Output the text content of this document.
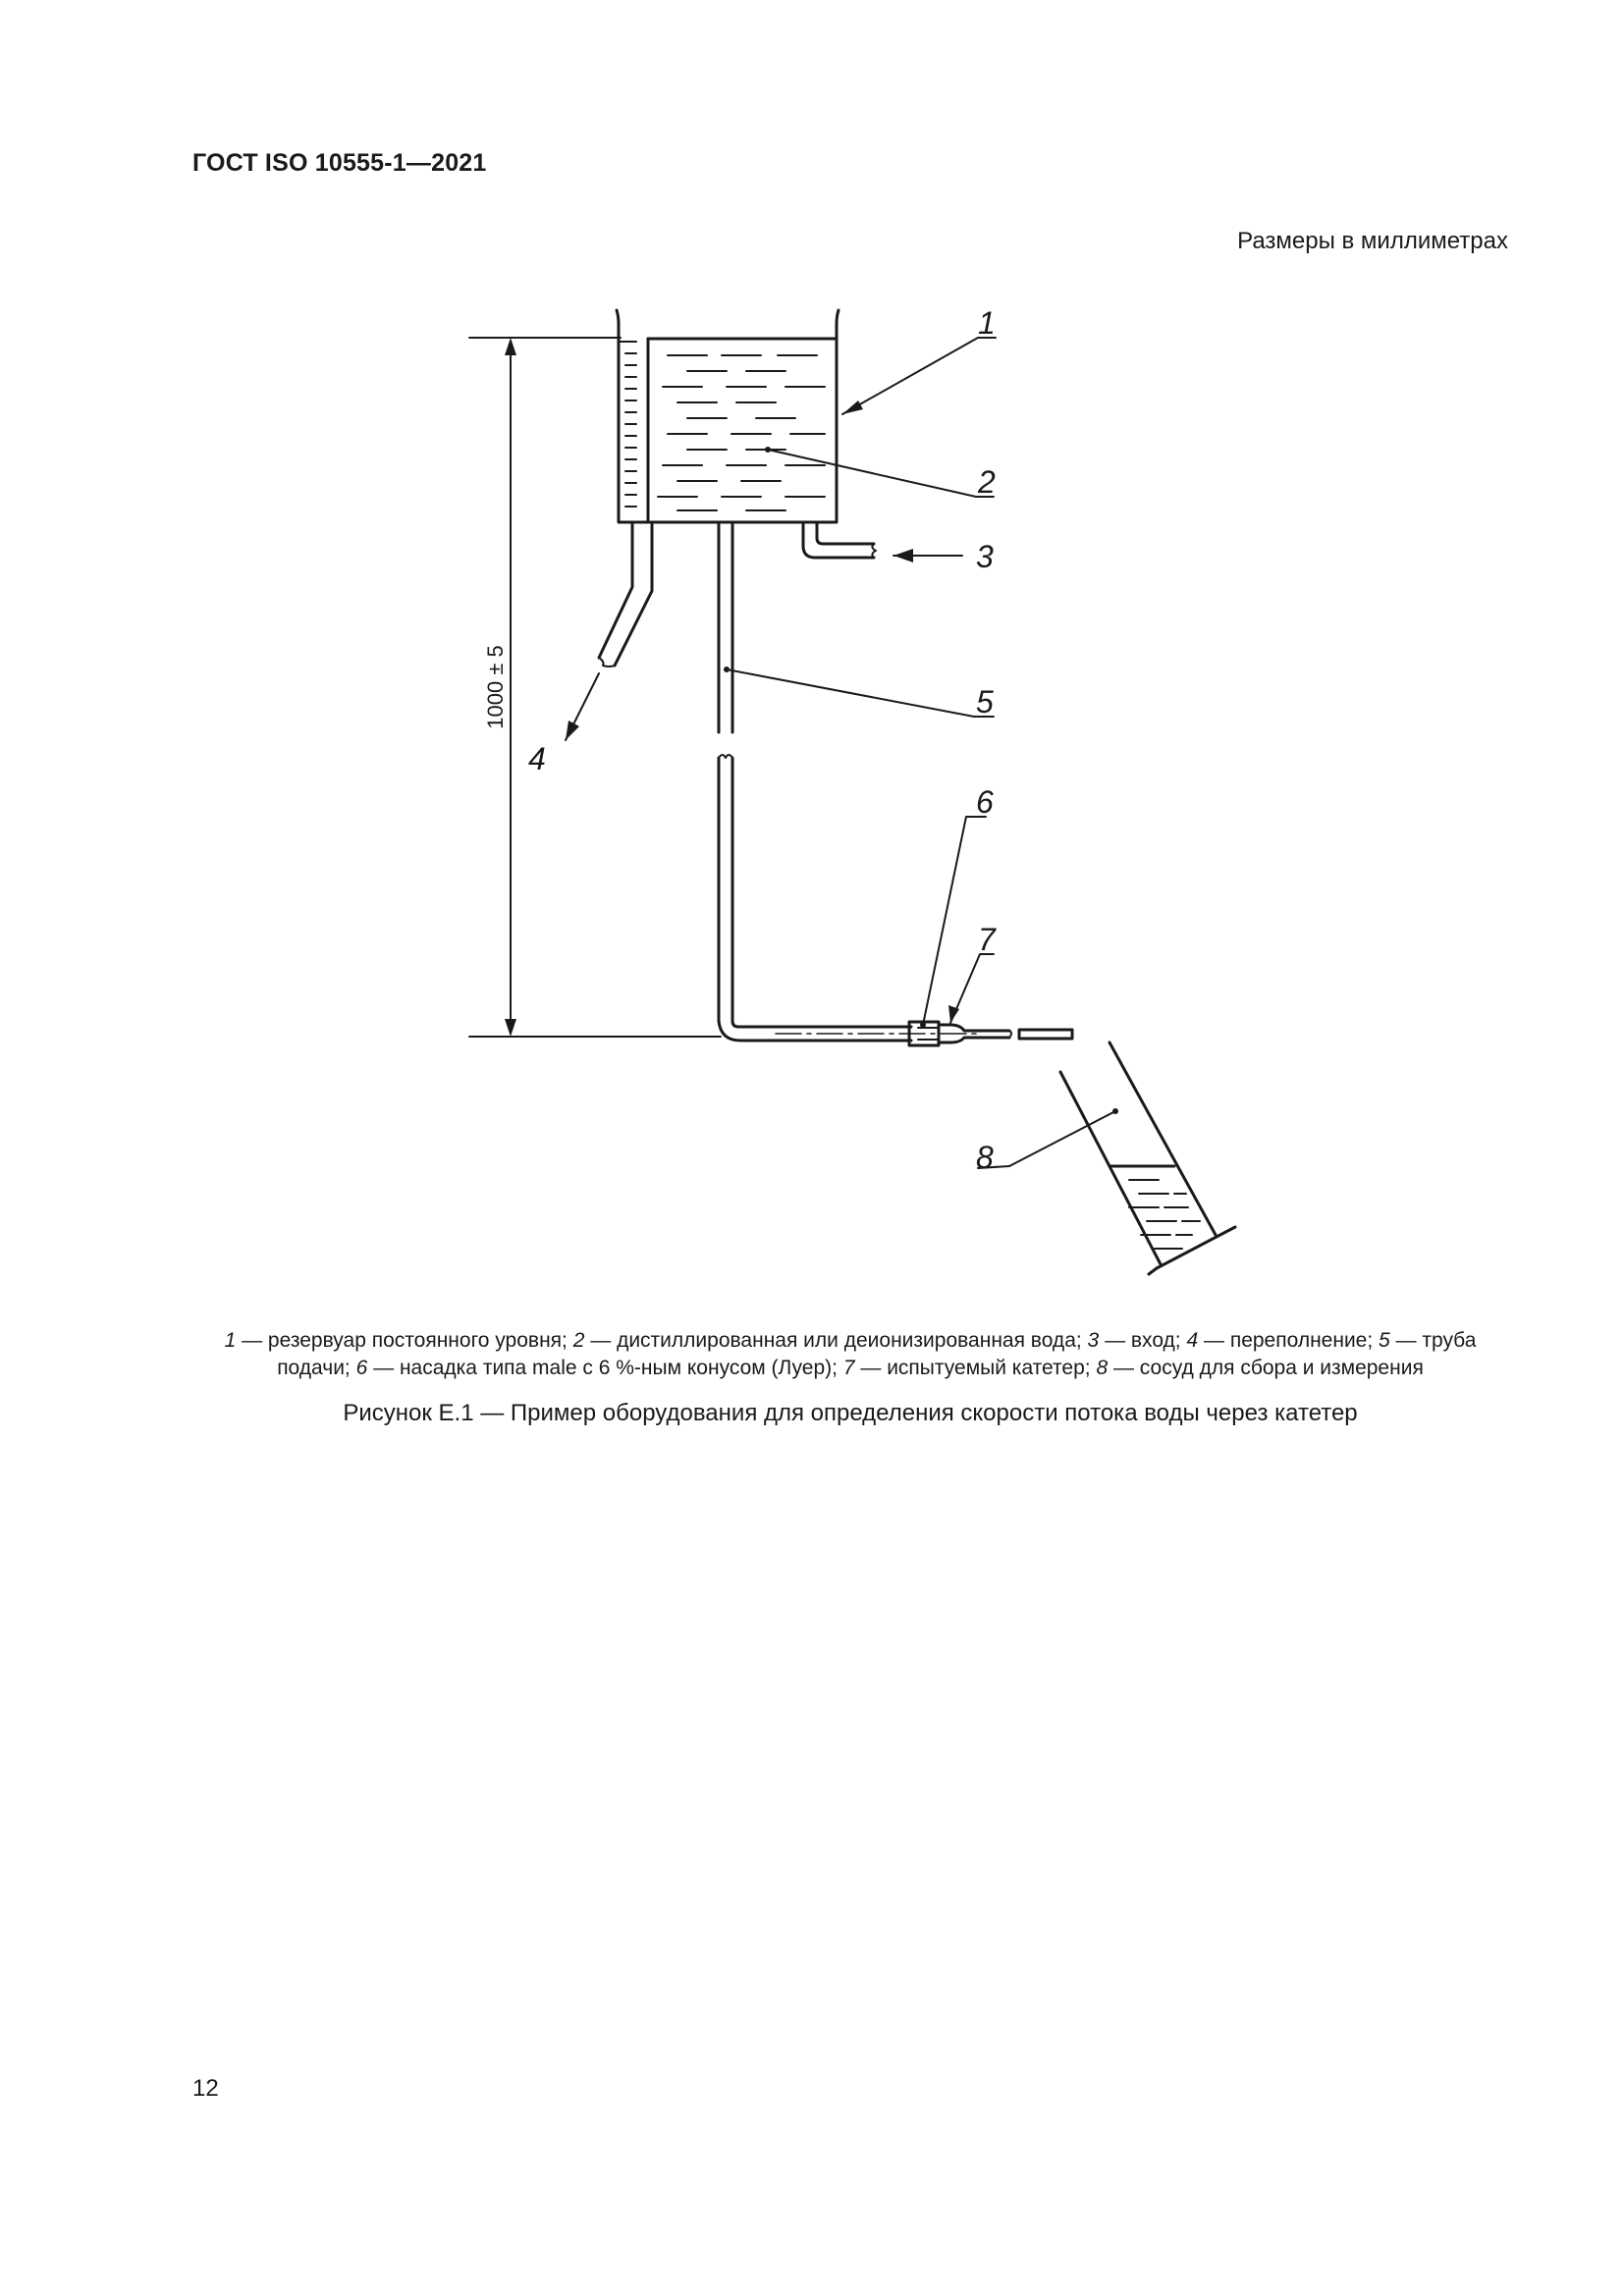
ГОСТ ISO 10555-1—2021
Размеры в миллиметрах
1
2
3
4
5
6
7
8
1000 ± 5
1 — резервуар постоянного уровня; 2 — дистиллированная или деионизированная вода; 3 — вход; 4 — переполнение; 5 — труба подачи; 6 — насадка типа male с 6 %-ным конусом (Луер); 7 — испытуемый катетер; 8 — сосуд для сбора и измерения
Рисунок Е.1 — Пример оборудования для определения скорости потока воды через катетер
12
